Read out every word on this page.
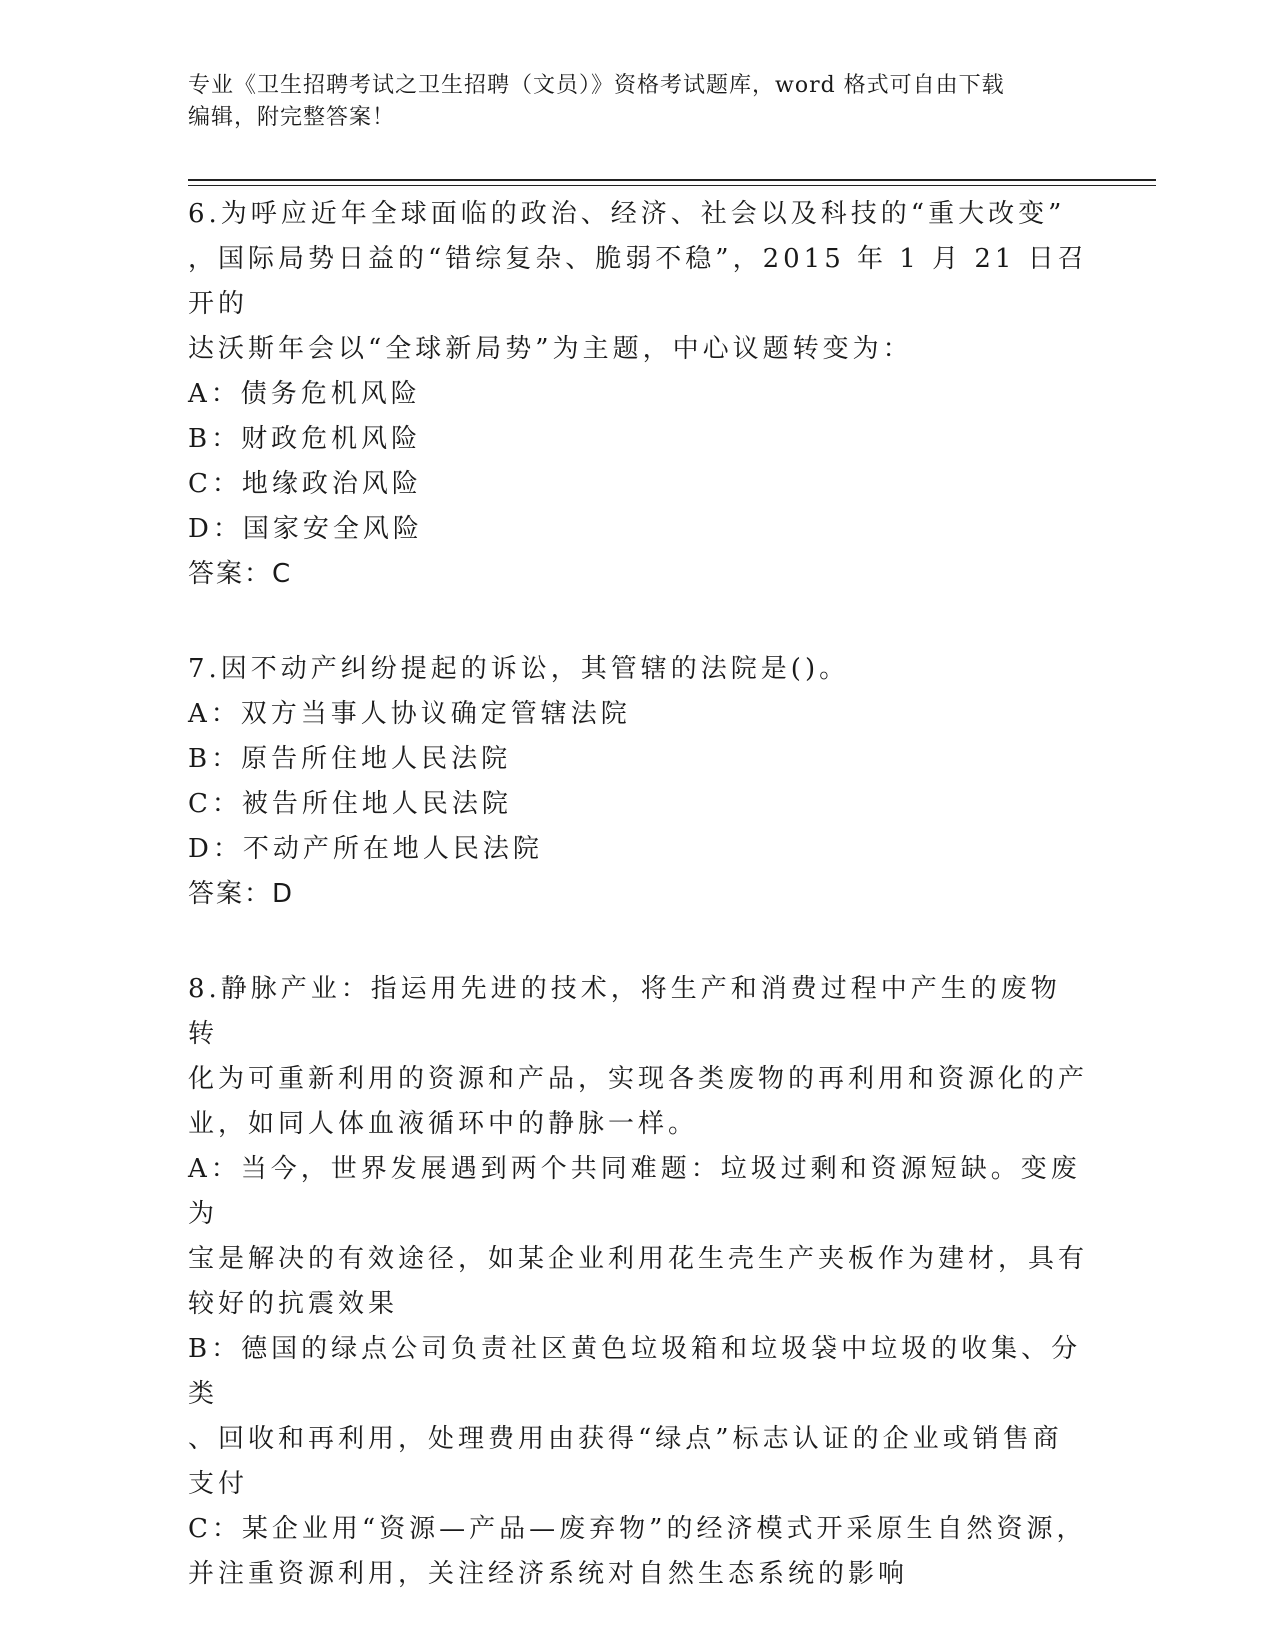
专业《卫生招聘考试之卫生招聘（文员）》资格考试题库，word 格式可自由下载
编辑，附完整答案！

6.为呼应近年全球面临的政治、经济、社会以及科技的“重大改变”

，国际局势日益的“错综复杂、脆弱不稳”，2015 年 1 月 21 日召开的

达沃斯年会以“全球新局势”为主题，中心议题转变为：

A：债务危机风险

B：财政危机风险

C：地缘政治风险

D：国家安全风险

答案：C

7.因不动产纠纷提起的诉讼，其管辖的法院是()。

A：双方当事人协议确定管辖法院

B：原告所住地人民法院

C：被告所住地人民法院

D：不动产所在地人民法院

答案：D

8.静脉产业：指运用先进的技术，将生产和消费过程中产生的废物转

化为可重新利用的资源和产品，实现各类废物的再利用和资源化的产

业，如同人体血液循环中的静脉一样。

A：当今，世界发展遇到两个共同难题：垃圾过剩和资源短缺。变废为

宝是解决的有效途径，如某企业利用花生壳生产夹板作为建材，具有

较好的抗震效果

B：德国的绿点公司负责社区黄色垃圾箱和垃圾袋中垃圾的收集、分类

、回收和再利用，处理费用由获得“绿点”标志认证的企业或销售商

支付

C：某企业用“资源—产品—废弃物”的经济模式开采原生自然资源，

并注重资源利用，关注经济系统对自然生态系统的影响
